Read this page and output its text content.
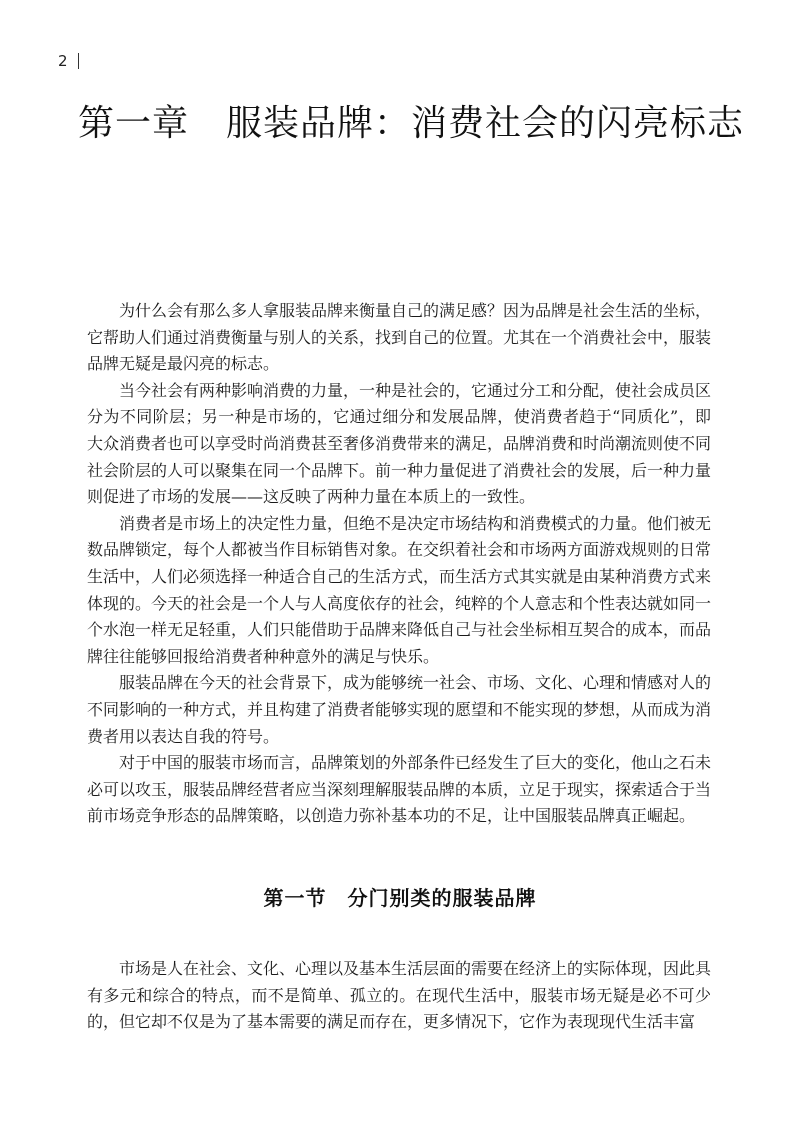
2
第一章　服装品牌：消费社会的闪亮标志

为什么会有那么多人拿服装品牌来衡量自己的满足感？因为品牌是社会生活的坐标，它帮助人们通过消费衡量与别人的关系，找到自己的位置。尤其在一个消费社会中，服装品牌无疑是最闪亮的标志。

当今社会有两种影响消费的力量，一种是社会的，它通过分工和分配，使社会成员区分为不同阶层；另一种是市场的，它通过细分和发展品牌，使消费者趋于“同质化”，即大众消费者也可以享受时尚消费甚至奢侈消费带来的满足，品牌消费和时尚潮流则使不同社会阶层的人可以聚集在同一个品牌下。前一种力量促进了消费社会的发展，后一种力量则促进了市场的发展——这反映了两种力量在本质上的一致性。

消费者是市场上的决定性力量，但绝不是决定市场结构和消费模式的力量。他们被无数品牌锁定，每个人都被当作目标销售对象。在交织着社会和市场两方面游戏规则的日常生活中，人们必须选择一种适合自己的生活方式，而生活方式其实就是由某种消费方式来体现的。今天的社会是一个人与人高度依存的社会，纯粹的个人意志和个性表达就如同一个水泡一样无足轻重，人们只能借助于品牌来降低自己与社会坐标相互契合的成本，而品牌往往能够回报给消费者种种意外的满足与快乐。

服装品牌在今天的社会背景下，成为能够统一社会、市场、文化、心理和情感对人的不同影响的一种方式，并且构建了消费者能够实现的愿望和不能实现的梦想，从而成为消费者用以表达自我的符号。

对于中国的服装市场而言，品牌策划的外部条件已经发生了巨大的变化，他山之石未必可以攻玉，服装品牌经营者应当深刻理解服装品牌的本质，立足于现实，探索适合于当前市场竞争形态的品牌策略，以创造力弥补基本功的不足，让中国服装品牌真正崛起。

第一节　分门别类的服装品牌

市场是人在社会、文化、心理以及基本生活层面的需要在经济上的实际体现，因此具有多元和综合的特点，而不是简单、孤立的。在现代生活中，服装市场无疑是必不可少的，但它却不仅是为了基本需要的满足而存在，更多情况下，它作为表现现代生活丰富
